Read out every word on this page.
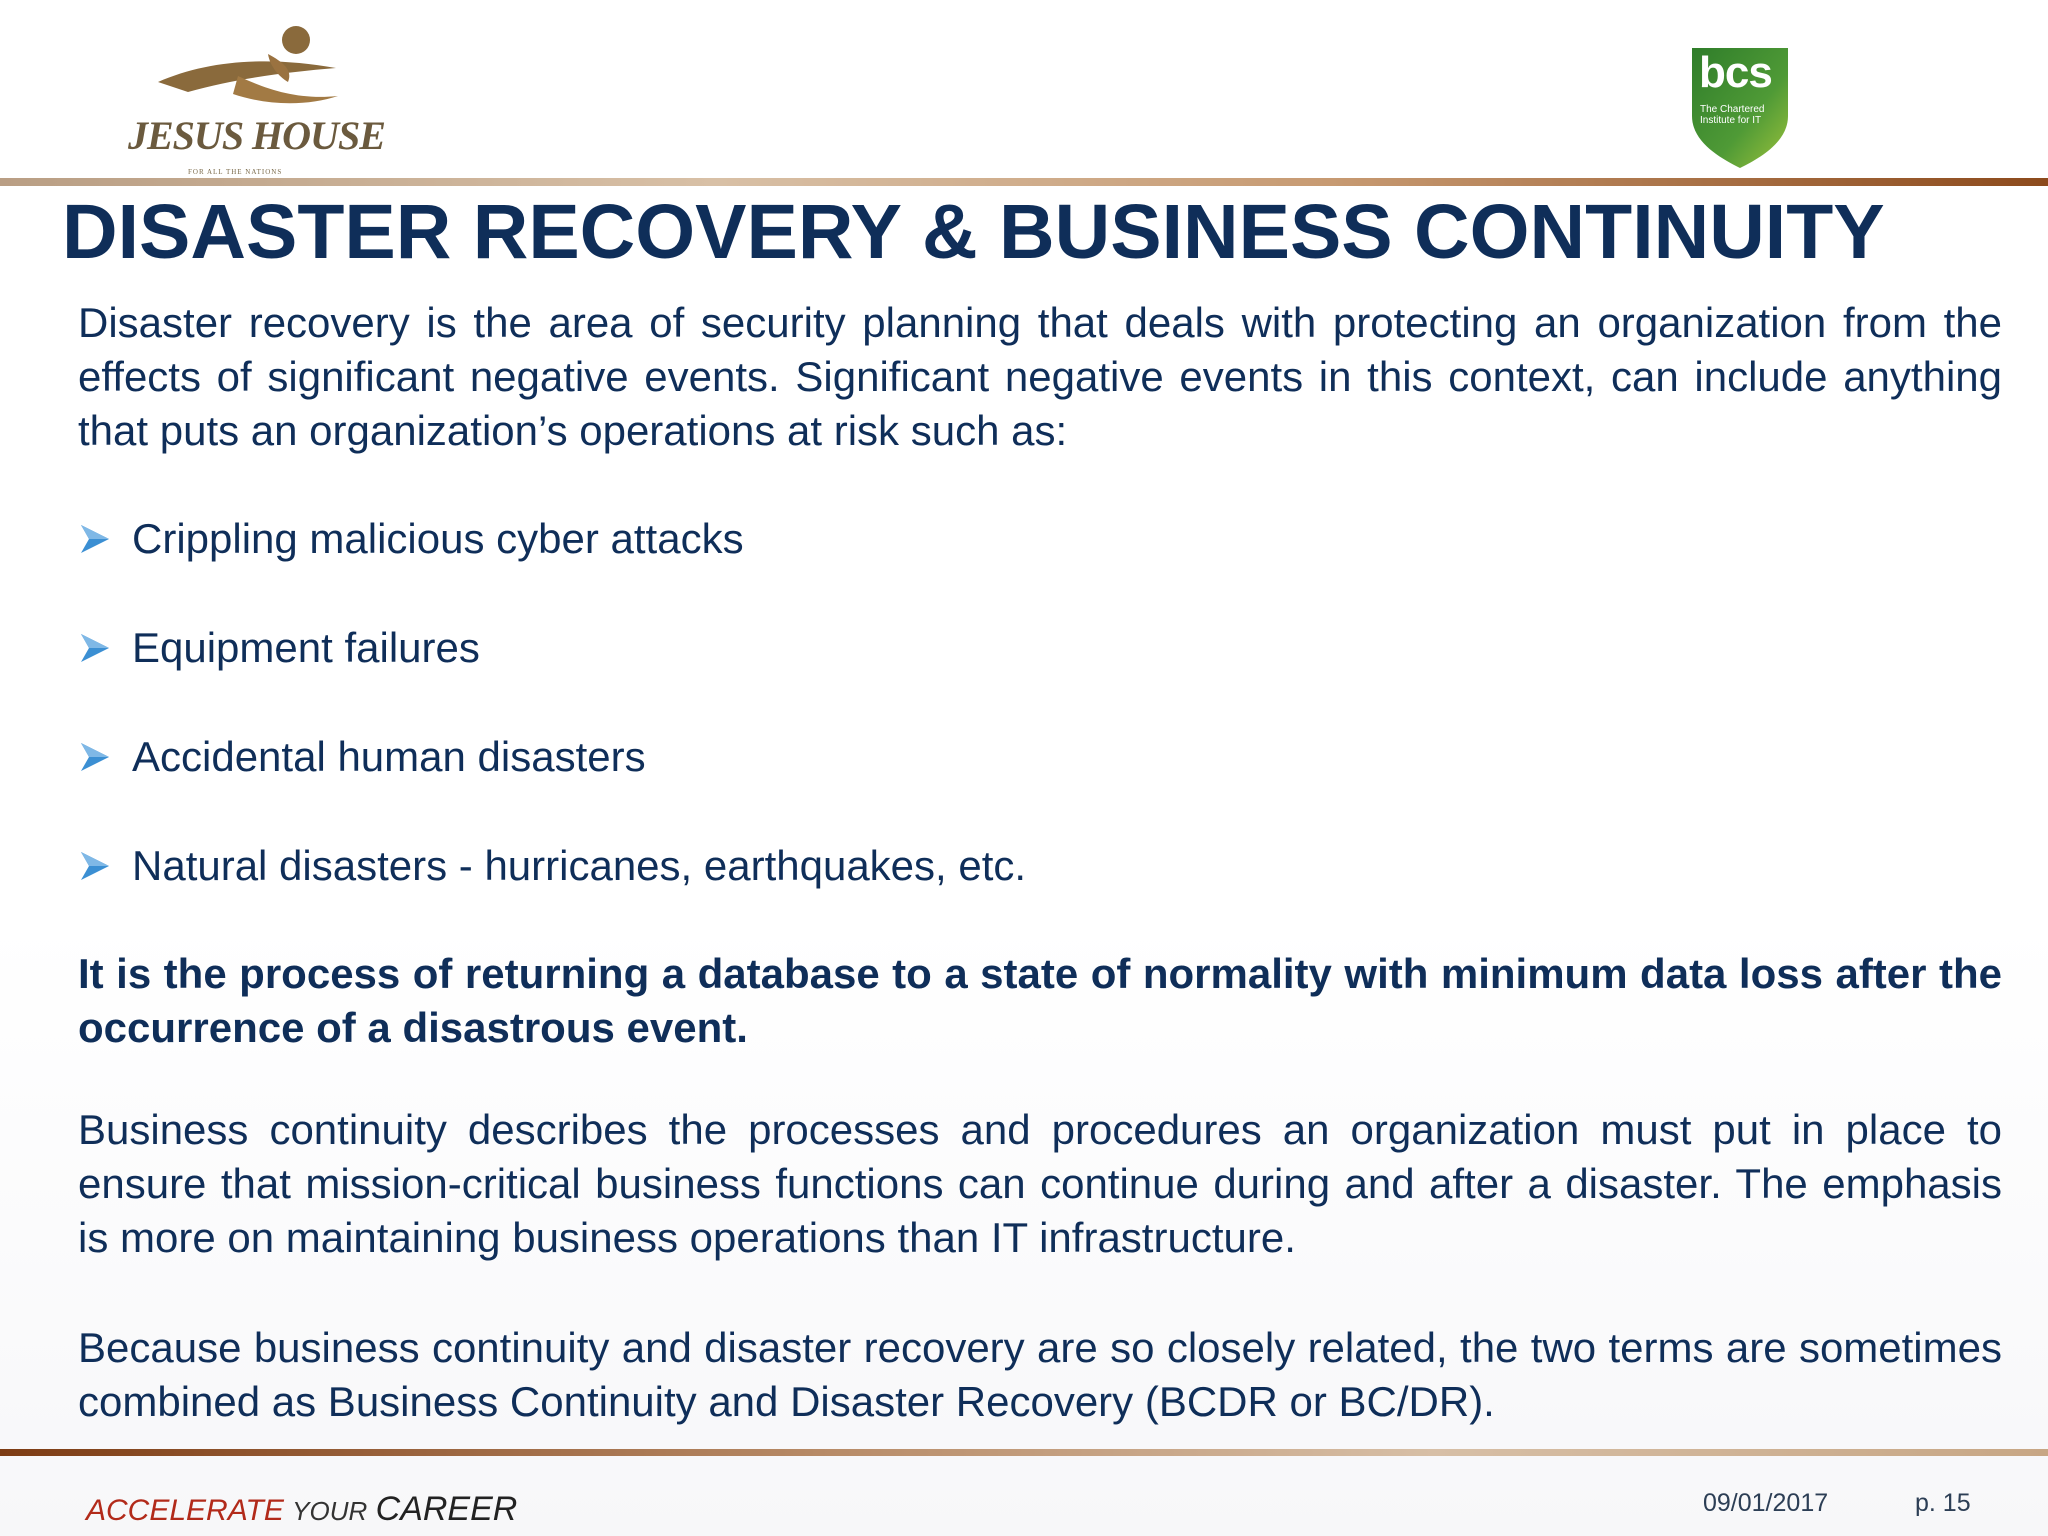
JESUS HOUSE
FOR ALL THE NATIONS
bcs
The Chartered Institute for IT
DISASTER RECOVERY & BUSINESS CONTINUITY

Disaster recovery is the area of security planning that deals with protecting an organization from the effects of significant negative events. Significant negative events in this context, can include anything that puts an organization’s operations at risk such as:

Crippling malicious cyber attacks
Equipment failures
Accidental human disasters
Natural disasters - hurricanes, earthquakes, etc.

It is the process of returning a database to a state of normality with minimum data loss after the occurrence of a disastrous event.

Business continuity describes the processes and procedures an organization must put in place to ensure that mission-critical business functions can continue during and after a disaster. The emphasis is more on maintaining business operations than IT infrastructure.

Because business continuity and disaster recovery are so closely related, the two terms are sometimes combined as Business Continuity and Disaster Recovery (BCDR or BC/DR).

ACCELERATE YOUR CAREER	09/01/2017	p. 15
